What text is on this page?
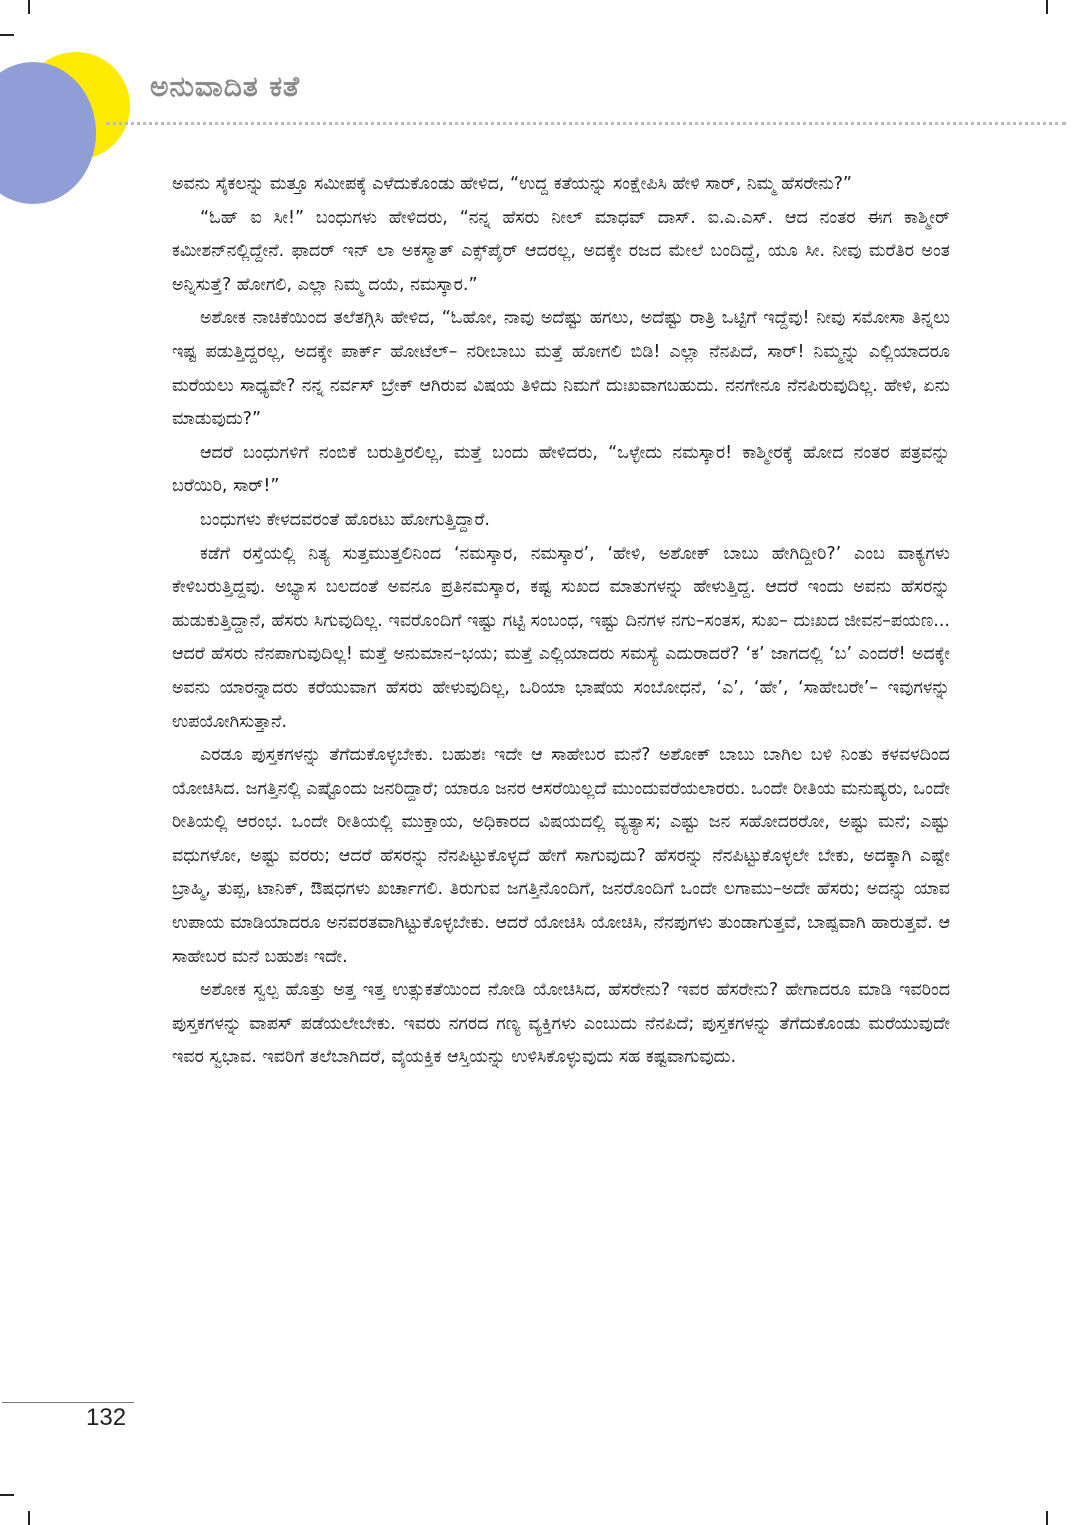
ಅನುವಾದಿತ ಕತೆ

ಅವನು ಸೈಕಲನ್ನು ಮತ್ತೂ ಸಮೀಪಕ್ಕೆ ಎಳೆದುಕೊಂಡು ಹೇಳಿದ, “ಉದ್ದ ಕತೆಯನ್ನು ಸಂಕ್ಷೇಪಿಸಿ ಹೇಳಿ ಸಾರ್, ನಿಮ್ಮ ಹೆಸರೇನು?”

“ಓಹ್ ಐ ಸೀ!” ಬಂಧುಗಳು ಹೇಳಿದರು, “ನನ್ನ ಹೆಸರು ನೀಲ್ ಮಾಧವ್ ದಾಸ್. ಐ.ಎ.ಎಸ್. ಆದ ನಂತರ ಈಗ ಕಾಶ್ಮೀರ್ ಕಮೀಶನ್‌ನಲ್ಲಿದ್ದೇನೆ. ಫಾದರ್ ಇನ್ ಲಾ ಅಕಸ್ಮಾತ್ ಎಕ್ಸ್‌ಪೈರ್ ಆದರಲ್ಲ, ಅದಕ್ಕೇ ರಜದ ಮೇಲೆ ಬಂದಿದ್ದೆ, ಯೂ ಸೀ. ನೀವು ಮರೆತಿರ ಅಂತ ಅನ್ನಿಸುತ್ತೆ? ಹೋಗಲಿ, ಎಲ್ಲಾ ನಿಮ್ಮ ದಯೆ, ನಮಸ್ಕಾರ.”

ಅಶೋಕ ನಾಚಿಕೆಯಿಂದ ತಲೆತಗ್ಗಿಸಿ ಹೇಳಿದ, “ಓಹೋ, ನಾವು ಅದೆಷ್ಟು ಹಗಲು, ಅದೆಷ್ಟು ರಾತ್ರಿ ಒಟ್ಟಿಗೆ ಇದ್ದೆವು! ನೀವು ಸಮೋಸಾ ತಿನ್ನಲು ಇಷ್ಟ ಪಡುತ್ತಿದ್ದರಲ್ಲ, ಅದಕ್ಕೇ ಪಾರ್ಕ್ ಹೋಟೆಲ್– ನರೀಬಾಬು ಮತ್ತೆ ಹೋಗಲಿ ಬಿಡಿ! ಎಲ್ಲಾ ನೆನಪಿದೆ, ಸಾರ್! ನಿಮ್ಮನ್ನು ಎಲ್ಲಿಯಾದರೂ ಮರೆಯಲು ಸಾಧ್ಯವೇ? ನನ್ನ ನರ್ವಸ್ ಬ್ರೇಕ್ ಆಗಿರುವ ವಿಷಯ ತಿಳಿದು ನಿಮಗೆ ದುಃಖವಾಗಬಹುದು. ನನಗೇನೂ ನೆನಪಿರುವುದಿಲ್ಲ. ಹೇಳಿ, ಏನು ಮಾಡುವುದು?”

ಆದರೆ ಬಂಧುಗಳಿಗೆ ನಂಬಿಕೆ ಬರುತ್ತಿರಲಿಲ್ಲ, ಮತ್ತೆ ಬಂದು ಹೇಳಿದರು, “ಒಳ್ಳೇದು ನಮಸ್ಕಾರ! ಕಾಶ್ಮೀರಕ್ಕೆ ಹೋದ ನಂತರ ಪತ್ರವನ್ನು ಬರೆಯಿರಿ, ಸಾರ್!”

ಬಂಧುಗಳು ಕೇಳದವರಂತೆ ಹೊರಟು ಹೋಗುತ್ತಿದ್ದಾರೆ.

ಕಡೆಗೆ ರಸ್ತೆಯಲ್ಲಿ ನಿತ್ಯ ಸುತ್ತಮುತ್ತಲಿನಿಂದ ‘ನಮಸ್ಕಾರ, ನಮಸ್ಕಾರ’, ‘ಹೇಳಿ, ಅಶೋಕ್ ಬಾಬು ಹೇಗಿದ್ದೀರಿ?’ ಎಂಬ ವಾಕ್ಯಗಳು ಕೇಳಿಬರುತ್ತಿದ್ದವು. ಅಭ್ಯಾಸ ಬಲದಂತೆ ಅವನೂ ಪ್ರತಿನಮಸ್ಕಾರ, ಕಷ್ಟ ಸುಖದ ಮಾತುಗಳನ್ನು ಹೇಳುತ್ತಿದ್ದ. ಆದರೆ ಇಂದು ಅವನು ಹೆಸರನ್ನು ಹುಡುಕುತ್ತಿದ್ದಾನೆ, ಹೆಸರು ಸಿಗುವುದಿಲ್ಲ. ಇವರೊಂದಿಗೆ ಇಷ್ಟು ಗಟ್ಟಿ ಸಂಬಂಧ, ಇಷ್ಟು ದಿನಗಳ ನಗು–ಸಂತಸ, ಸುಖ– ದುಃಖದ ಜೀವನ–ಪಯಣ... ಆದರೆ ಹೆಸರು ನೆನಪಾಗುವುದಿಲ್ಲ! ಮತ್ತೆ ಅನುಮಾನ–ಭಯ; ಮತ್ತೆ ಎಲ್ಲಿಯಾದರು ಸಮಸ್ಯೆ ಎದುರಾದರೆ? ‘ಕ’ ಜಾಗದಲ್ಲಿ ‘ಬ’ ಎಂದರೆ! ಅದಕ್ಕೇ ಅವನು ಯಾರನ್ನಾದರು ಕರೆಯುವಾಗ ಹೆಸರು ಹೇಳುವುದಿಲ್ಲ, ಒರಿಯಾ ಭಾಷೆಯ ಸಂಬೋಧನೆ, ‘ಎ’, ‘ಹೇ’, ‘ಸಾಹೇಬರೇ’– ಇವುಗಳನ್ನು ಉಪಯೋಗಿಸುತ್ತಾನೆ.

ಎರಡೂ ಪುಸ್ತಕಗಳನ್ನು ತೆಗೆದುಕೊಳ್ಳಬೇಕು. ಬಹುಶಃ ಇದೇ ಆ ಸಾಹೇಬರ ಮನೆ? ಅಶೋಕ್ ಬಾಬು ಬಾಗಿಲ ಬಳಿ ನಿಂತು ಕಳವಳದಿಂದ ಯೋಚಿಸಿದ. ಜಗತ್ತಿನಲ್ಲಿ ಎಷ್ಟೊಂದು ಜನರಿದ್ದಾರೆ; ಯಾರೂ ಜನರ ಆಸರೆಯಿಲ್ಲದೆ ಮುಂದುವರೆಯಲಾರರು. ಒಂದೇ ರೀತಿಯ ಮನುಷ್ಯರು, ಒಂದೇ ರೀತಿಯಲ್ಲಿ ಆರಂಭ. ಒಂದೇ ರೀತಿಯಲ್ಲಿ ಮುಕ್ತಾಯ, ಅಧಿಕಾರದ ವಿಷಯದಲ್ಲಿ ವ್ಯತ್ಯಾಸ; ಎಷ್ಟು ಜನ ಸಹೋದರರೋ, ಅಷ್ಟು ಮನೆ; ಎಷ್ಟು ವಧುಗಳೋ, ಅಷ್ಟು ವರರು; ಆದರೆ ಹೆಸರನ್ನು ನೆನಪಿಟ್ಟುಕೊಳ್ಳದೆ ಹೇಗೆ ಸಾಗುವುದು? ಹೆಸರನ್ನು ನೆನಪಿಟ್ಟುಕೊಳ್ಳಲೇ ಬೇಕು, ಅದಕ್ಕಾಗಿ ಎಷ್ಟೇ ಬ್ರಾಹ್ಮಿ, ತುಪ್ಪ, ಟಾನಿಕ್, ಔಷಧಗಳು ಖರ್ಚಾಗಲಿ. ತಿರುಗುವ ಜಗತ್ತಿನೊಂದಿಗೆ, ಜನರೊಂದಿಗೆ ಒಂದೇ ಲಗಾಮು–ಅದೇ ಹೆಸರು; ಅದನ್ನು ಯಾವ ಉಪಾಯ ಮಾಡಿಯಾದರೂ ಅನವರತವಾಗಿಟ್ಟುಕೊಳ್ಳಬೇಕು. ಆದರೆ ಯೋಚಿಸಿ ಯೋಚಿಸಿ, ನೆನಪುಗಳು ತುಂಡಾಗುತ್ತವೆ, ಬಾಷ್ಪವಾಗಿ ಹಾರುತ್ತವೆ. ಆ ಸಾಹೇಬರ ಮನೆ ಬಹುಶಃ ಇದೇ.

ಅಶೋಕ ಸ್ವಲ್ಪ ಹೊತ್ತು ಅತ್ತ ಇತ್ತ ಉತ್ಸುಕತೆಯಿಂದ ನೋಡಿ ಯೋಚಿಸಿದ, ಹೆಸರೇನು? ಇವರ ಹೆಸರೇನು? ಹೇಗಾದರೂ ಮಾಡಿ ಇವರಿಂದ ಪುಸ್ತಕಗಳನ್ನು ವಾಪಸ್ ಪಡೆಯಲೇಬೇಕು. ಇವರು ನಗರದ ಗಣ್ಯ ವ್ಯಕ್ತಿಗಳು ಎಂಬುದು ನೆನಪಿದೆ; ಪುಸ್ತಕಗಳನ್ನು ತೆಗೆದುಕೊಂಡು ಮರೆಯುವುದೇ ಇವರ ಸ್ವಭಾವ. ಇವರಿಗೆ ತಲೆಬಾಗಿದರೆ, ವೈಯಕ್ತಿಕ ಆಸ್ತಿಯನ್ನು ಉಳಿಸಿಕೊಳ್ಳುವುದು ಸಹ ಕಷ್ಟವಾಗುವುದು.

132
